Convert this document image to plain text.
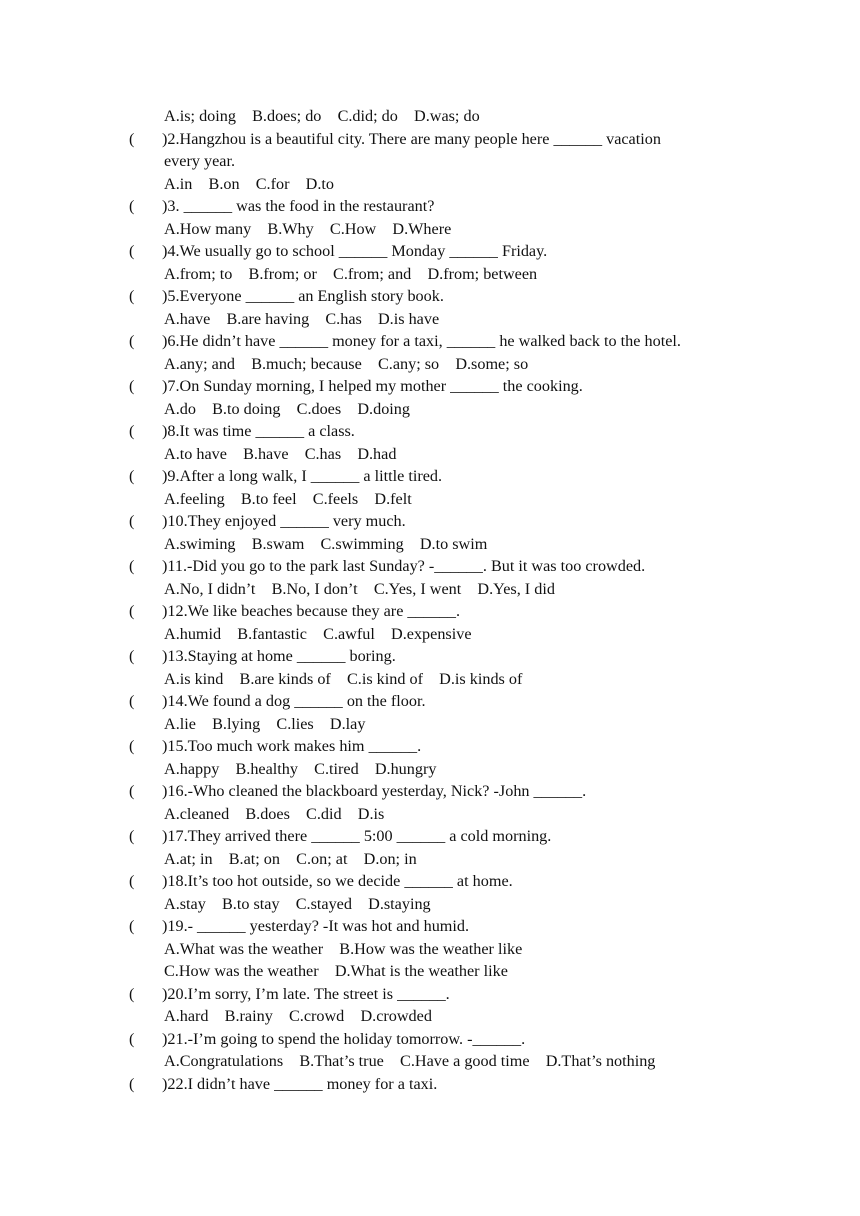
A.is; doing    B.does; do    C.did; do    D.was; do
( )2.Hangzhou is a beautiful city. There are many people here ______ vacation
every year.
A.in    B.on    C.for    D.to
( )3. ______ was the food in the restaurant?
A.How many    B.Why    C.How    D.Where
( )4.We usually go to school ______ Monday ______ Friday.
A.from; to    B.from; or    C.from; and    D.from; between
( )5.Everyone ______ an English story book.
A.have    B.are having    C.has    D.is have
( )6.He didn’t have ______ money for a taxi, ______ he walked back to the hotel.
A.any; and    B.much; because    C.any; so    D.some; so
( )7.On Sunday morning, I helped my mother ______ the cooking.
A.do    B.to doing    C.does    D.doing
( )8.It was time ______ a class.
A.to have    B.have    C.has    D.had
( )9.After a long walk, I ______ a little tired.
A.feeling    B.to feel    C.feels    D.felt
( )10.They enjoyed ______ very much.
A.swiming    B.swam    C.swimming    D.to swim
( )11.-Did you go to the park last Sunday? -______. But it was too crowded.
A.No, I didn’t    B.No, I don’t    C.Yes, I went    D.Yes, I did
( )12.We like beaches because they are ______.
A.humid    B.fantastic    C.awful    D.expensive
( )13.Staying at home ______ boring.
A.is kind    B.are kinds of    C.is kind of    D.is kinds of
( )14.We found a dog ______ on the floor.
A.lie    B.lying    C.lies    D.lay
( )15.Too much work makes him ______.
A.happy    B.healthy    C.tired    D.hungry
( )16.-Who cleaned the blackboard yesterday, Nick? -John ______.
A.cleaned    B.does    C.did    D.is
( )17.They arrived there ______ 5:00 ______ a cold morning.
A.at; in    B.at; on    C.on; at    D.on; in
( )18.It’s too hot outside, so we decide ______ at home.
A.stay    B.to stay    C.stayed    D.staying
( )19.- ______ yesterday? -It was hot and humid.
A.What was the weather    B.How was the weather like
C.How was the weather    D.What is the weather like
( )20.I’m sorry, I’m late. The street is ______.
A.hard    B.rainy    C.crowd    D.crowded
( )21.-I’m going to spend the holiday tomorrow. -______.
A.Congratulations    B.That’s true    C.Have a good time    D.That’s nothing
( )22.I didn’t have ______ money for a taxi.
